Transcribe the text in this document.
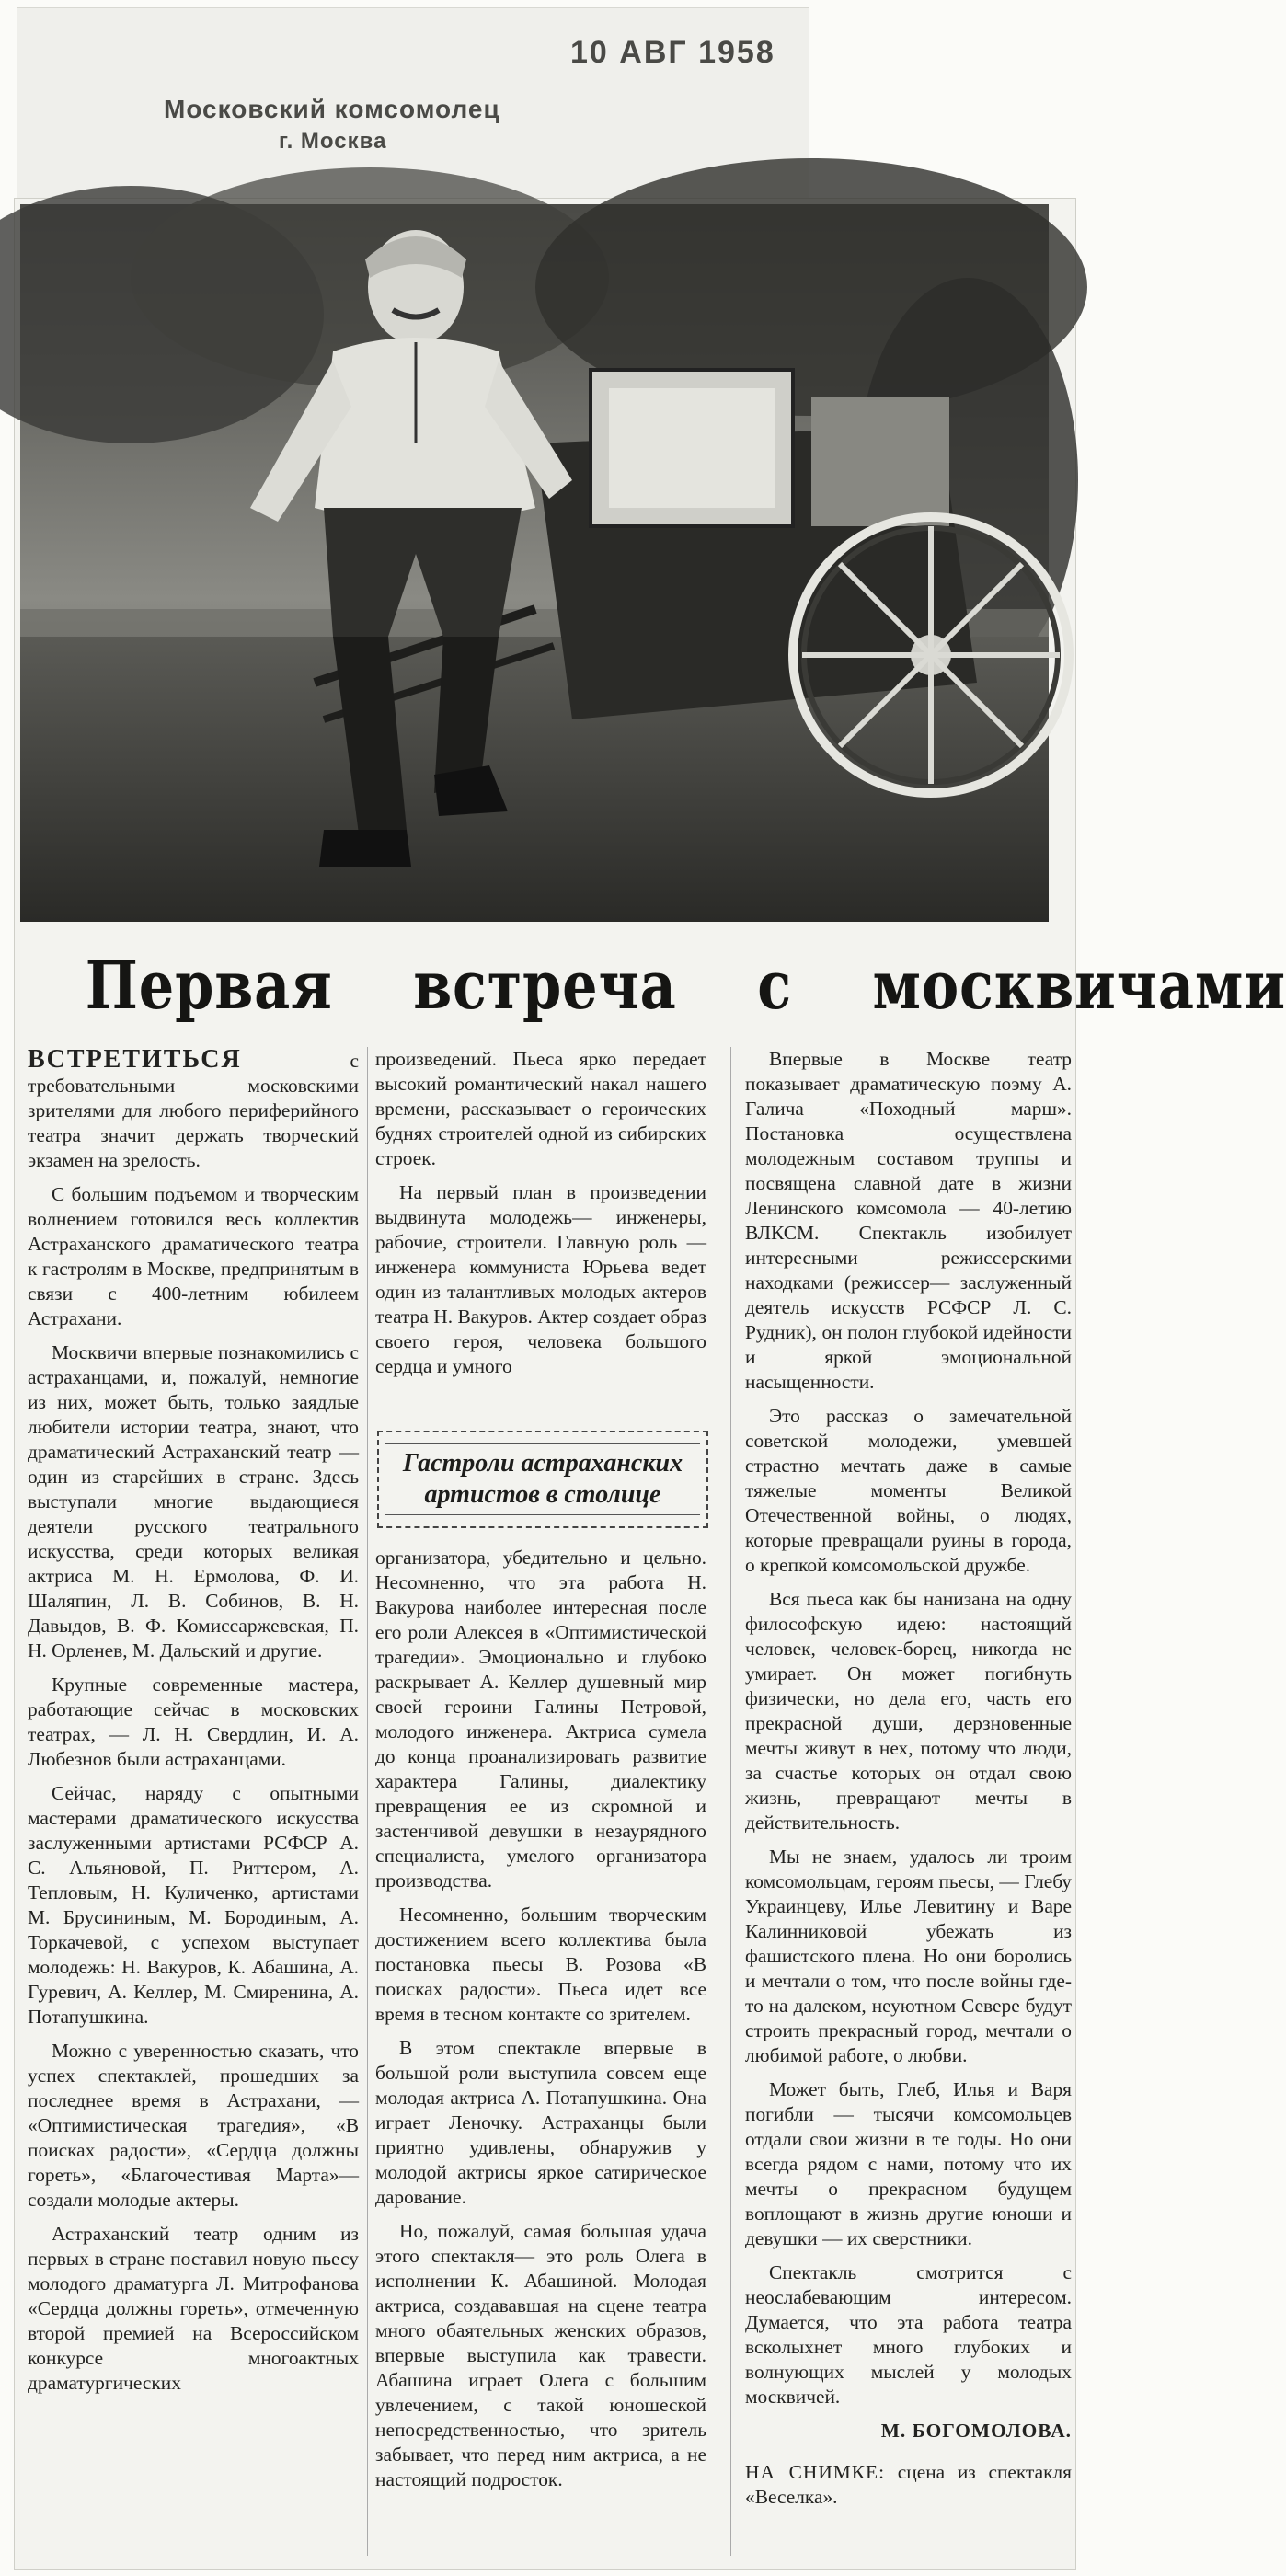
Московский комсомолец
г. Москва
10 АВГ 1958
Первая встреча с москвичами

ВСТРЕТИТЬСЯ с требовательными московскими зрителями для любого периферийного театра значит держать творческий экзамен на зрелость.

С большим подъемом и творческим волнением готовился весь коллектив Астраханского драматического театра к гастролям в Москве, предпринятым в связи с 400-летним юбилеем Астрахани.

Москвичи впервые познакомились с астраханцами, и, пожалуй, немногие из них, может быть, только заядлые любители истории театра, знают, что драматический Астраханский театр — один из старейших в стране. Здесь выступали многие выдающиеся деятели русского театрального искусства, среди которых великая актриса М. Н. Ермолова, Ф. И. Шаляпин, Л. В. Собинов, В. Н. Давыдов, В. Ф. Комиссаржевская, П. Н. Орленев, М. Дальский и другие.

Крупные современные мастера, работающие сейчас в московских театрах, — Л. Н. Свердлин, И. А. Любезнов были астраханцами.

Сейчас, наряду с опытными мастерами драматического искусства заслуженными артистами РСФСР А. С. Альяновой, П. Риттером, А. Тепловым, Н. Куличенко, артистами М. Брусининым, М. Бородиным, А. Торкачевой, с успехом выступает молодежь: Н. Вакуров, К. Абашина, А. Гуревич, А. Келлер, М. Смиренина, А. Потапушкина.

Можно с уверенностью сказать, что успех спектаклей, прошедших за последнее время в Астрахани, — «Оптимистическая трагедия», «В поисках радости», «Сердца должны гореть», «Благочестивая Марта»—создали молодые актеры.

Астраханский театр одним из первых в стране поставил новую пьесу молодого драматурга Л. Митрофанова «Сердца должны гореть», отмеченную второй премией на Всероссийском конкурсе многоактных драматургических

произведений. Пьеса ярко передает высокий романтический накал нашего времени, рассказывает о героических буднях строителей одной из сибирских строек.

На первый план в произведении выдвинута молодежь— инженеры, рабочие, строители. Главную роль — инженера коммуниста Юрьева ведет один из талантливых молодых актеров театра Н. Вакуров. Актер создает образ своего героя, человека большого сердца и умного

Гастроли астраханских артистов в столице

организатора, убедительно и цельно. Несомненно, что эта работа Н. Вакурова наиболее интересная после его роли Алексея в «Оптимистической трагедии». Эмоционально и глубоко раскрывает А. Келлер душевный мир своей героини Галины Петровой, молодого инженера. Актриса сумела до конца проанализировать развитие характера Галины, диалектику превращения ее из скромной и застенчивой девушки в незаурядного специалиста, умелого организатора производства.

Несомненно, большим творческим достижением всего коллектива была постановка пьесы В. Розова «В поисках радости». Пьеса идет все время в тесном контакте со зрителем.

В этом спектакле впервые в большой роли выступила совсем еще молодая актриса А. Потапушкина. Она играет Леночку. Астраханцы были приятно удивлены, обнаружив у молодой актрисы яркое сатирическое дарование.

Но, пожалуй, самая большая удача этого спектакля— это роль Олега в исполнении К. Абашиной. Молодая актриса, создававшая на сцене театра много обаятельных женских образов, впервые выступила как травести. Абашина играет Олега с большим увлечением, с такой юношеской непосредственностью, что зритель забывает, что перед ним актриса, а не настоящий подросток.

Впервые в Москве театр показывает драматическую поэму А. Галича «Походный марш». Постановка осуществлена молодежным составом труппы и посвящена славной дате в жизни Ленинского комсомола — 40-летию ВЛКСМ. Спектакль изобилует интересными режиссерскими находками (режиссер— заслуженный деятель искусств РСФСР Л. С. Рудник), он полон глубокой идейности и яркой эмоциональной насыщенности.

Это рассказ о замечательной советской молодежи, умевшей страстно мечтать даже в самые тяжелые моменты Великой Отечественной войны, о людях, которые превращали руины в города, о крепкой комсомольской дружбе.

Вся пьеса как бы нанизана на одну философскую идею: настоящий человек, человек-борец, никогда не умирает. Он может погибнуть физически, но дела его, часть его прекрасной души, дерзновенные мечты живут в нех, потому что люди, за счастье которых он отдал свою жизнь, превращают мечты в действительность.

Мы не знаем, удалось ли троим комсомольцам, героям пьесы, — Глебу Украинцеву, Илье Левитину и Варе Калинниковой убежать из фашистского плена. Но они боролись и мечтали о том, что после войны где-то на далеком, неуютном Севере будут строить прекрасный город, мечтали о любимой работе, о любви.

Может быть, Глеб, Илья и Варя погибли — тысячи комсомольцев отдали свои жизни в те годы. Но они всегда рядом с нами, потому что их мечты о прекрасном будущем воплощают в жизнь другие юноши и девушки — их сверстники.

Спектакль смотрится с неослабевающим интересом. Думается, что эта работа театра всколыхнет много глубоких и волнующих мыслей у молодых москвичей.

М. БОГОМОЛОВА.

НА СНИМКЕ: сцена из спектакля «Веселка».
